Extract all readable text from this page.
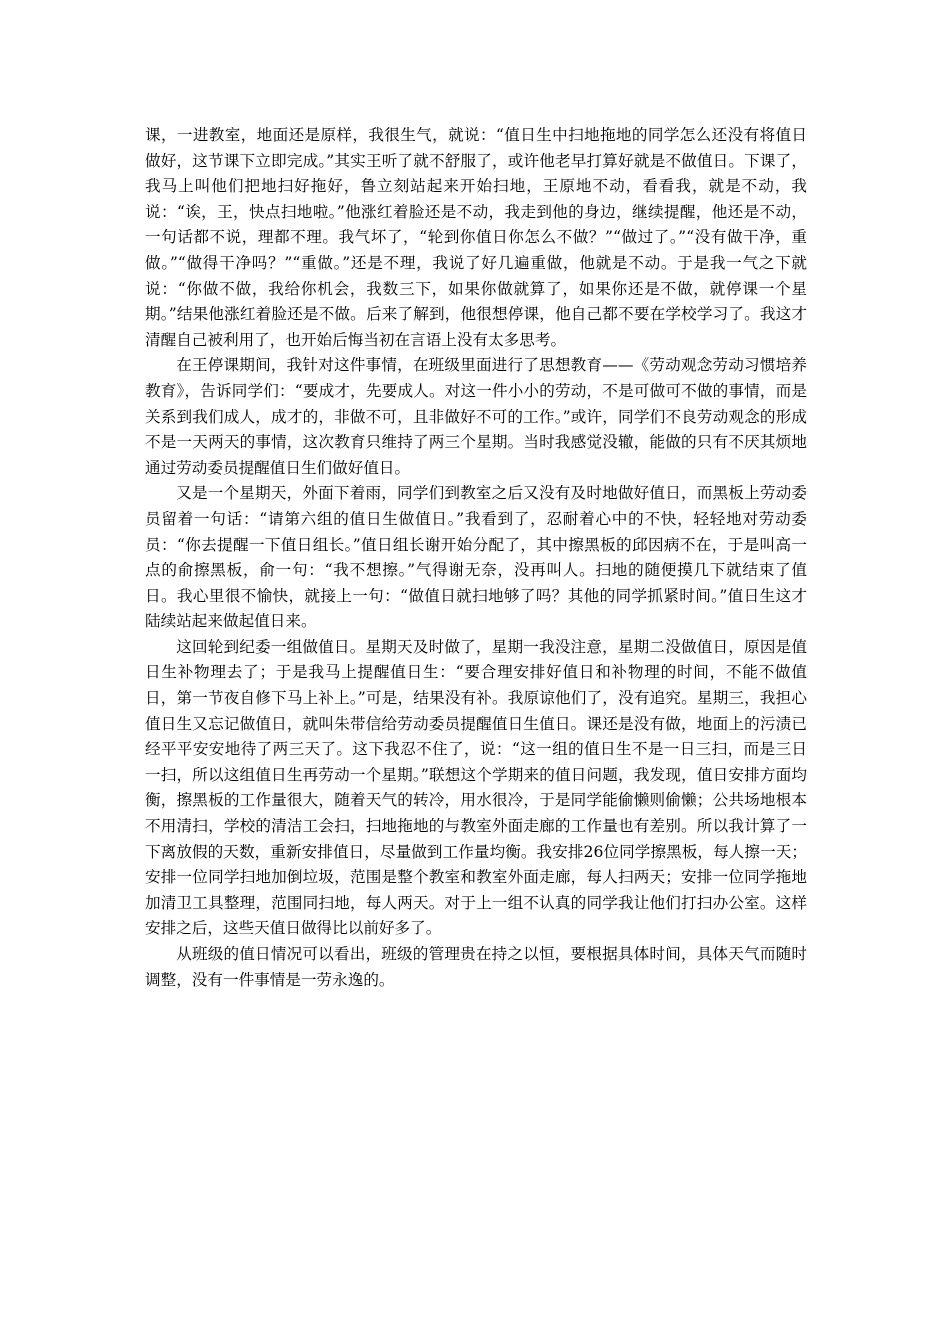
课，一进教室，地面还是原样，我很生气，就说：“值日生中扫地拖地的同学怎么还没有将值日做好，这节课下立即完成。”其实王听了就不舒服了，或许他老早打算好就是不做值日。下课了，我马上叫他们把地扫好拖好，鲁立刻站起来开始扫地，王原地不动，看看我，就是不动，我说：“诶，王，快点扫地啦。”他涨红着脸还是不动，我走到他的身边，继续提醒，他还是不动，一句话都不说，理都不理。我气坏了，“轮到你值日你怎么不做？”“做过了。”“没有做干净，重做。”“做得干净吗？”“重做。”还是不理，我说了好几遍重做，他就是不动。于是我一气之下就说：“你做不做，我给你机会，我数三下，如果你做就算了，如果你还是不做，就停课一个星期。”结果他涨红着脸还是不做。后来了解到，他很想停课，他自己都不要在学校学习了。我这才清醒自己被利用了，也开始后悔当初在言语上没有太多思考。

在王停课期间，我针对这件事情，在班级里面进行了思想教育——《劳动观念劳动习惯培养教育》，告诉同学们：“要成才，先要成人。对这一件小小的劳动，不是可做可不做的事情，而是关系到我们成人，成才的，非做不可，且非做好不可的工作。”或许，同学们不良劳动观念的形成不是一天两天的事情，这次教育只维持了两三个星期。当时我感觉没辙，能做的只有不厌其烦地通过劳动委员提醒值日生们做好值日。

又是一个星期天，外面下着雨，同学们到教室之后又没有及时地做好值日，而黑板上劳动委员留着一句话：“请第六组的值日生做值日。”我看到了，忍耐着心中的不快，轻轻地对劳动委员：“你去提醒一下值日组长。”值日组长谢开始分配了，其中擦黑板的邱因病不在，于是叫高一点的俞擦黑板，俞一句：“我不想擦。”气得谢无奈，没再叫人。扫地的随便摸几下就结束了值日。我心里很不愉快，就接上一句：“做值日就扫地够了吗？其他的同学抓紧时间。”值日生这才陆续站起来做起值日来。

这回轮到纪委一组做值日。星期天及时做了，星期一我没注意，星期二没做值日，原因是值日生补物理去了；于是我马上提醒值日生：“要合理安排好值日和补物理的时间，不能不做值日，第一节夜自修下马上补上。”可是，结果没有补。我原谅他们了，没有追究。星期三，我担心值日生又忘记做值日，就叫朱带信给劳动委员提醒值日生值日。课还是没有做，地面上的污渍已经平平安安地待了两三天了。这下我忍不住了，说：“这一组的值日生不是一日三扫，而是三日一扫，所以这组值日生再劳动一个星期。”联想这个学期来的值日问题，我发现，值日安排方面均衡，擦黑板的工作量很大，随着天气的转冷，用水很冷，于是同学能偷懒则偷懒；公共场地根本不用清扫，学校的清洁工会扫，扫地拖地的与教室外面走廊的工作量也有差别。所以我计算了一下离放假的天数，重新安排值日，尽量做到工作量均衡。我安排26位同学擦黑板，每人擦一天；安排一位同学扫地加倒垃圾，范围是整个教室和教室外面走廊，每人扫两天；安排一位同学拖地加清卫工具整理，范围同扫地，每人两天。对于上一组不认真的同学我让他们打扫办公室。这样安排之后，这些天值日做得比以前好多了。

从班级的值日情况可以看出，班级的管理贵在持之以恒，要根据具体时间，具体天气而随时调整，没有一件事情是一劳永逸的。
